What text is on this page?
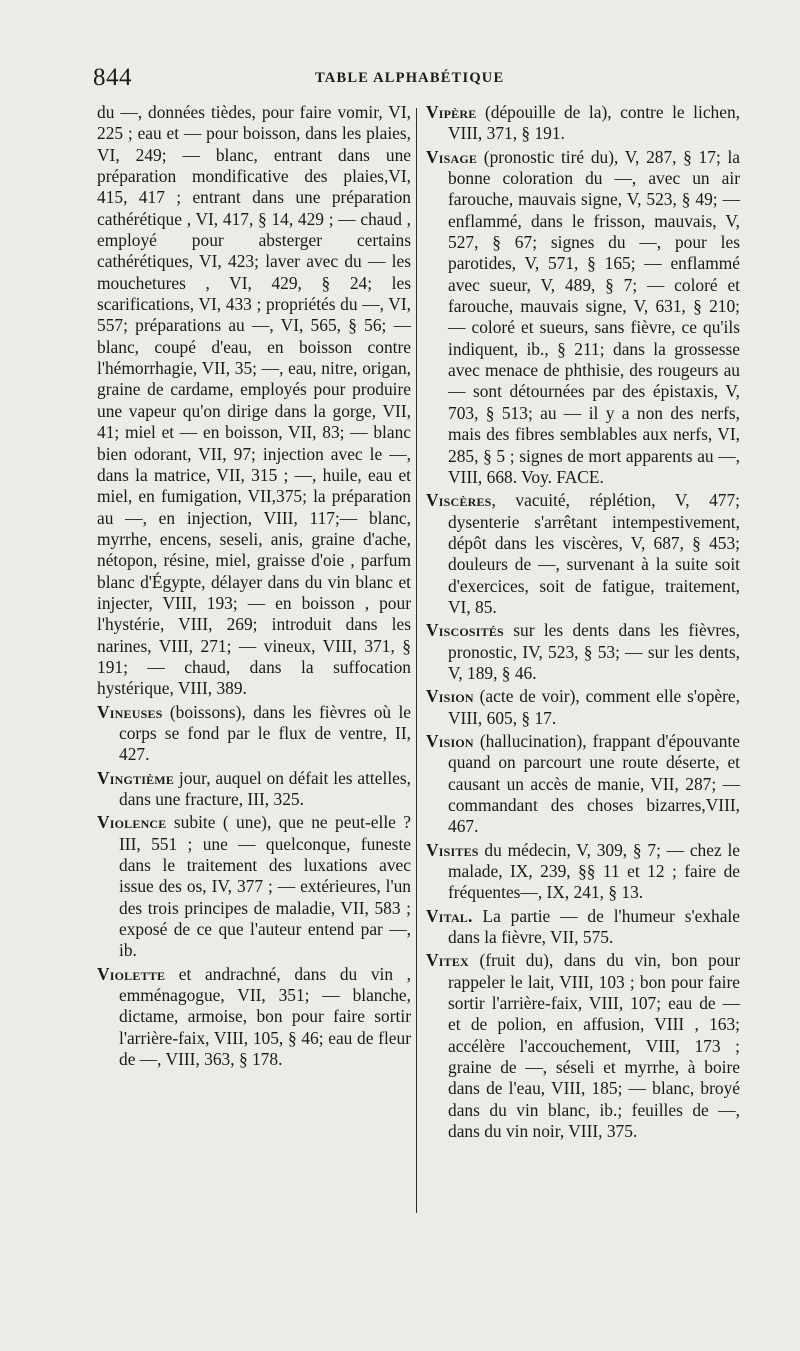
844	TABLE ALPHABÉTIQUE

du —, données tièdes, pour faire vomir, VI, 225 ; eau et — pour boisson, dans les plaies, VI, 249; — blanc, entrant dans une préparation mondificative des plaies,VI, 415, 417 ; entrant dans une préparation cathérétique , VI, 417, § 14, 429 ; — chaud , employé pour absterger certains cathérétiques, VI, 423; laver avec du — les mouchetures , VI, 429, § 24; les scarifications, VI, 433 ; propriétés du —, VI, 557; préparations au —, VI, 565, § 56; — blanc, coupé d'eau, en boisson contre l'hémorrhagie, VII, 35; —, eau, nitre, origan, graine de cardame, employés pour produire une vapeur qu'on dirige dans la gorge, VII, 41; miel et — en boisson, VII, 83; — blanc bien odorant, VII, 97; injection avec le —, dans la matrice, VII, 315 ; —, huile, eau et miel, en fumigation, VII,375; la préparation au —, en injection, VIII, 117;— blanc, myrrhe, encens, seseli, anis, graine d'ache, nétopon, résine, miel, graisse d'oie , parfum blanc d'Égypte, délayer dans du vin blanc et injecter, VIII, 193; — en boisson , pour l'hystérie, VIII, 269; introduit dans les narines, VIII, 271; — vineux, VIII, 371, § 191; — chaud, dans la suffocation hystérique, VIII, 389.

Vineuses (boissons), dans les fièvres où le corps se fond par le flux de ventre, II, 427.

Vingtième jour, auquel on défait les attelles, dans une fracture, III, 325.

Violence subite ( une), que ne peut-elle ? III, 551 ; une — quelconque, funeste dans le traitement des luxations avec issue des os, IV, 377 ; — extérieures, l'un des trois principes de maladie, VII, 583 ; exposé de ce que l'auteur entend par —, ib.

Violette et andrachné, dans du vin , emménagogue, VII, 351; — blanche, dictame, armoise, bon pour faire sortir l'arrière-faix, VIII, 105, § 46; eau de fleur de —, VIII, 363, § 178.

Vipère (dépouille de la), contre le lichen, VIII, 371, § 191.

Visage (pronostic tiré du), V, 287, § 17; la bonne coloration du —, avec un air farouche, mauvais signe, V, 523, § 49; — enflammé, dans le frisson, mauvais, V, 527, § 67; signes du —, pour les parotides, V, 571, § 165; — enflammé avec sueur, V, 489, § 7; — coloré et farouche, mauvais signe, V, 631, § 210; — coloré et sueurs, sans fièvre, ce qu'ils indiquent, ib., § 211; dans la grossesse avec menace de phthisie, des rougeurs au — sont détournées par des épistaxis, V, 703, § 513; au — il y a non des nerfs, mais des fibres semblables aux nerfs, VI, 285, § 5 ; signes de mort apparents au —, VIII, 668. Voy. FACE.

Viscères, vacuité, réplétion, V, 477; dysenterie s'arrêtant intempestivement, dépôt dans les viscères, V, 687, § 453; douleurs de —, survenant à la suite soit d'exercices, soit de fatigue, traitement, VI, 85.

Viscosités sur les dents dans les fièvres, pronostic, IV, 523, § 53; — sur les dents, V, 189, § 46.

Vision (acte de voir), comment elle s'opère, VIII, 605, § 17.

Vision (hallucination), frappant d'épouvante quand on parcourt une route déserte, et causant un accès de manie, VII, 287; — commandant des choses bizarres,VIII, 467.

Visites du médecin, V, 309, § 7; — chez le malade, IX, 239, §§ 11 et 12 ; faire de fréquentes—, IX, 241, § 13.

Vital. La partie — de l'humeur s'exhale dans la fièvre, VII, 575.

Vitex (fruit du), dans du vin, bon pour rappeler le lait, VIII, 103 ; bon pour faire sortir l'arrière-faix, VIII, 107; eau de — et de polion, en affusion, VIII , 163; accélère l'accouchement, VIII, 173 ; graine de —, séseli et myrrhe, à boire dans de l'eau, VIII, 185; — blanc, broyé dans du vin blanc, ib.; feuilles de —, dans du vin noir, VIII, 375.
